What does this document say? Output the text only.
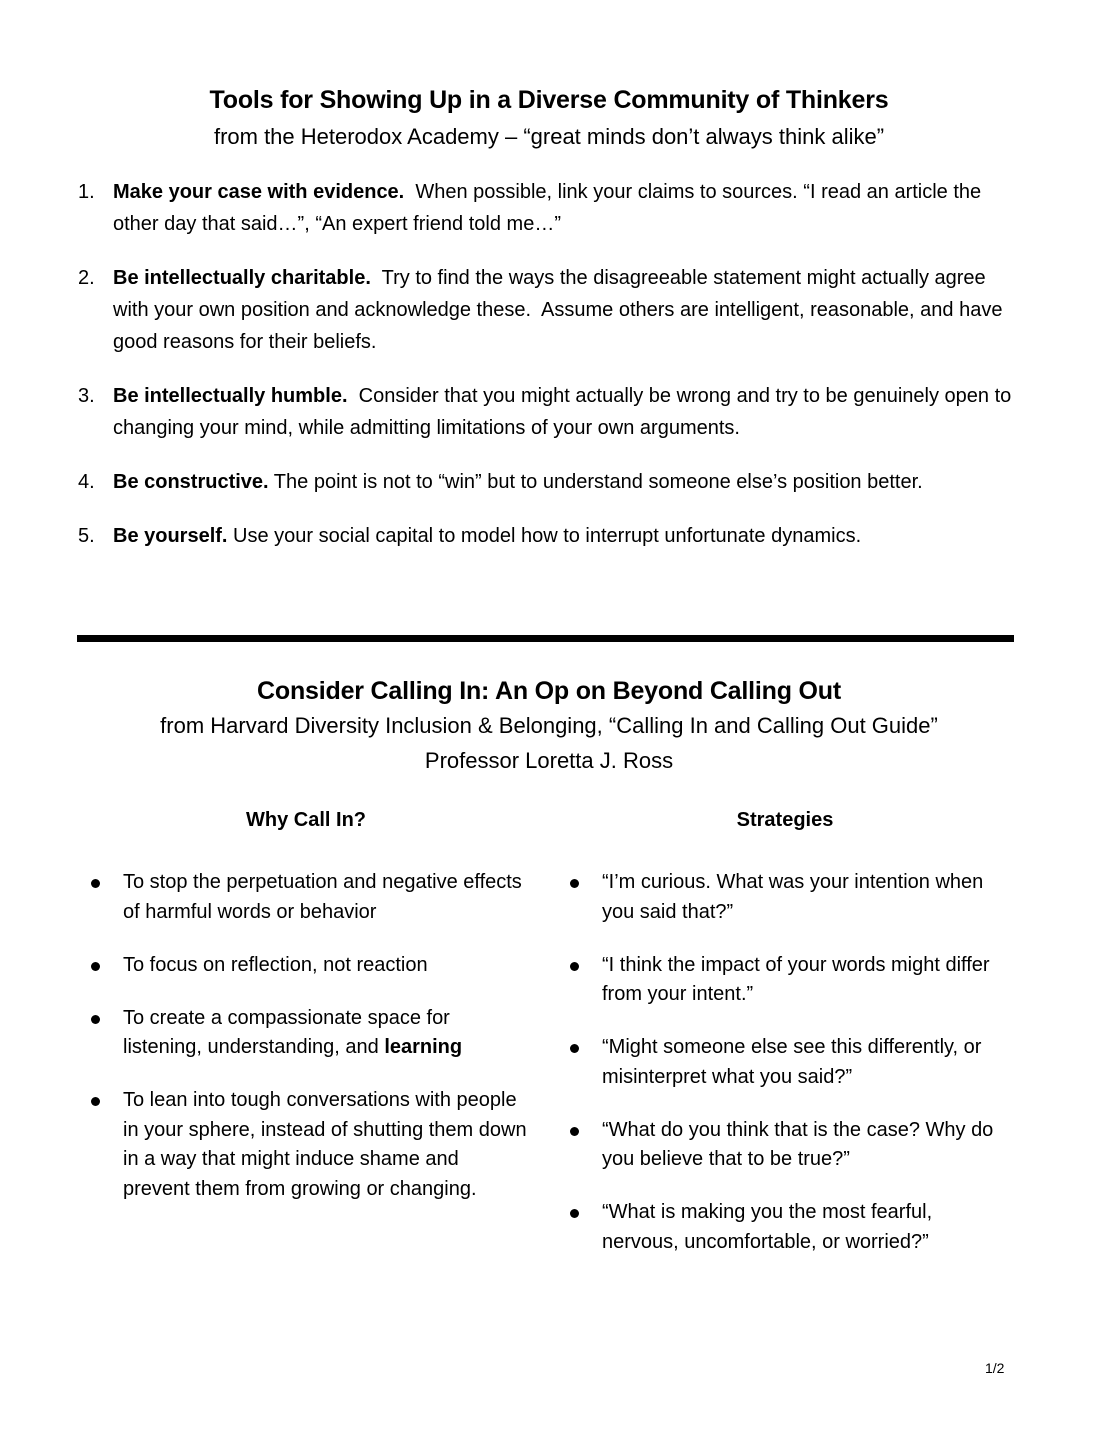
Tools for Showing Up in a Diverse Community of Thinkers
from the Heterodox Academy – “great minds don’t always think alike”
1. Make your case with evidence.  When possible, link your claims to sources. “I read an article the other day that said…”, “An expert friend told me…”
2. Be intellectually charitable.  Try to find the ways the disagreeable statement might actually agree with your own position and acknowledge these.  Assume others are intelligent, reasonable, and have good reasons for their beliefs.
3. Be intellectually humble.  Consider that you might actually be wrong and try to be genuinely open to changing your mind, while admitting limitations of your own arguments.
4. Be constructive. The point is not to “win” but to understand someone else’s position better.
5. Be yourself. Use your social capital to model how to interrupt unfortunate dynamics.
Consider Calling In: An Op on Beyond Calling Out
from Harvard Diversity Inclusion & Belonging, “Calling In and Calling Out Guide”
Professor Loretta J. Ross
Why Call In?	Strategies
To stop the perpetuation and negative effects of harmful words or behavior
To focus on reflection, not reaction
To create a compassionate space for listening, understanding, and learning
To lean into tough conversations with people in your sphere, instead of shutting them down in a way that might induce shame and prevent them from growing or changing.
“I’m curious. What was your intention when you said that?”
“I think the impact of your words might differ from your intent.”
“Might someone else see this differently, or misinterpret what you said?”
“What do you think that is the case? Why do you believe that to be true?”
“What is making you the most fearful, nervous, uncomfortable, or worried?”
1/2
